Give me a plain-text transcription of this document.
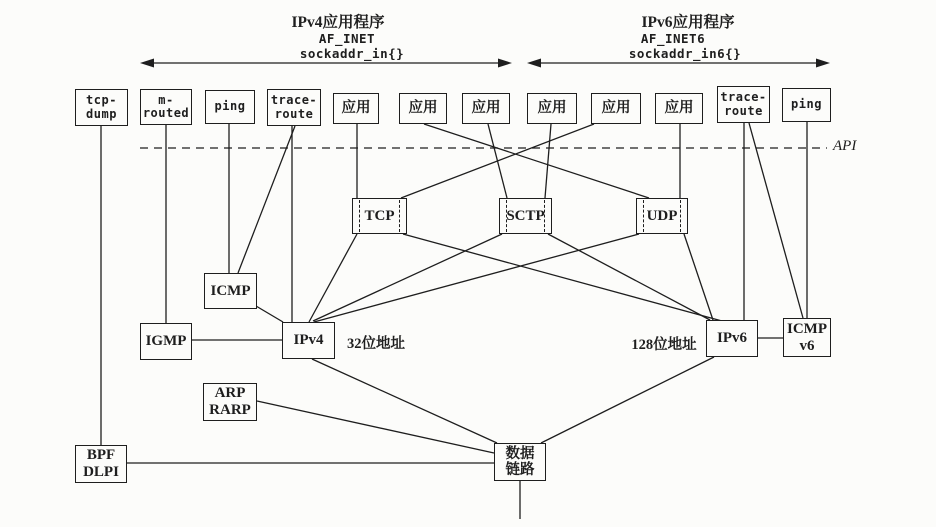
tcp-
dump
m-
routed ping trace-
route 应用	应用 应用	应用 应用 应用
trace-
route ping
TCP	SCTP	UDP
ICMP
IGMP	IPv4	IPv6
ICMP
v6
ARP
RARP
BPF
DLPI
数据
链路
IPv4应用程序
AF_INET
sockaddr_in{}
IPv6应用程序
AF_INET6
sockaddr_in6{}
API
32位地址	128位地址
